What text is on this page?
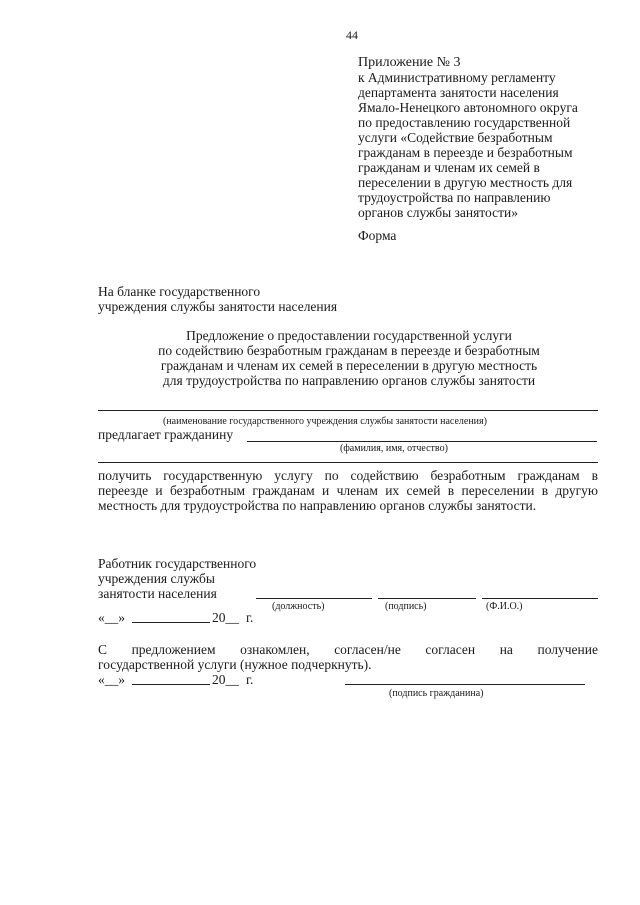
44
Приложение № 3
к Административному регламенту
департамента занятости населения
Ямало-Ненецкого автономного округа
по предоставлению государственной
услуги «Содействие безработным
гражданам в переезде и безработным
гражданам и членам их семей в
переселении в другую местность для
трудоустройства по направлению
органов службы занятости»
Форма
На бланке государственного
учреждения службы занятости населения
Предложение о предоставлении государственной услуги
по содействию безработным гражданам в переезде и безработным
гражданам и членам их семей в переселении в другую местность
для трудоустройства по направлению органов службы занятости
(наименование государственного учреждения службы занятости населения)
предлагает гражданину
(фамилия, имя, отчество)
получить государственную услугу по содействию безработным гражданам в
переезде и безработным гражданам и членам их семей в переселении в другую
местность для трудоустройства по направлению органов службы занятости.
Работник государственного
учреждения службы
занятости населения
(должность)	(подпись)	(Ф.И.О.)
«__»	20__ г.
С предложением ознакомлен, согласен/не согласен на получение
государственной услуги (нужное подчеркнуть).
«__»	20__ г.
(подпись гражданина)
